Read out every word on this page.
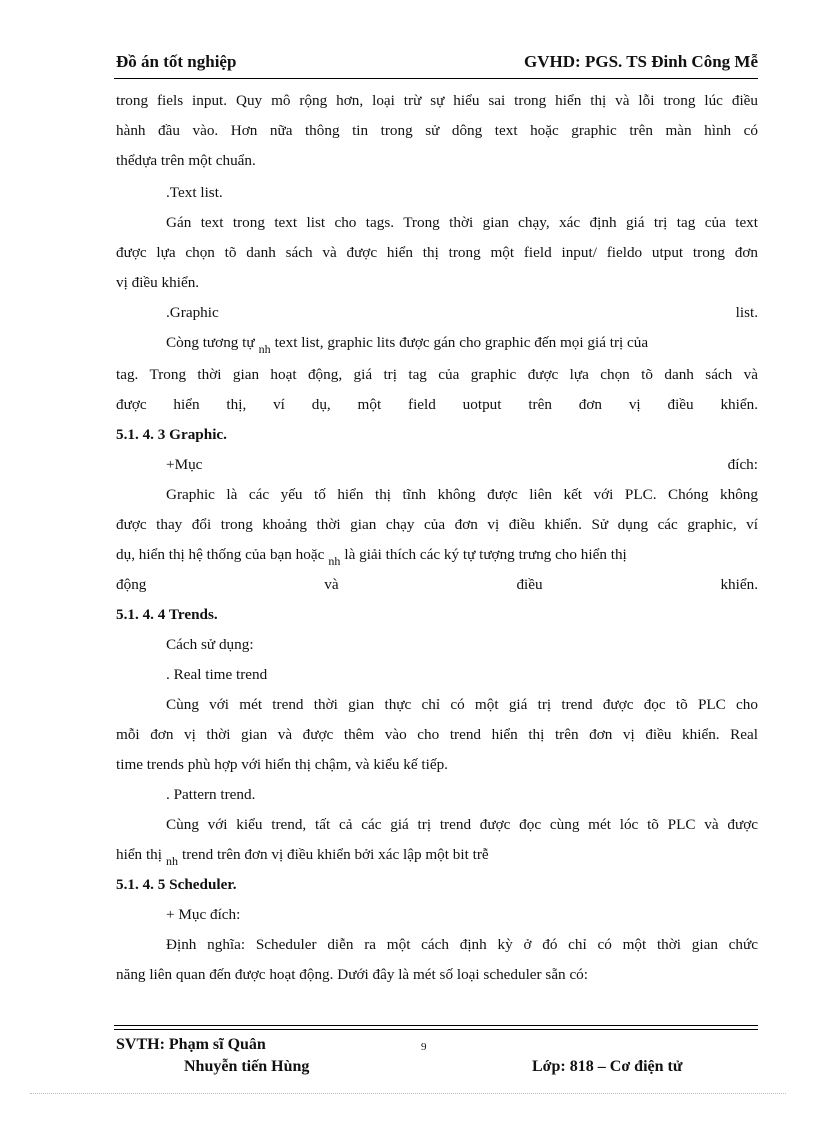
Đồ án tốt nghiệp	GVHD: PGS. TS Đinh Công Mễ
trong fiels input. Quy mô rộng hơn, loại trừ sự hiểu sai trong hiển thị và lỗi trong lúc điều
hành đầu vào. Hơn nữa thông tin trong sử dông text hoặc graphic trên màn hình có
thểdựa trên một chuẩn.
.Text list.
Gán text trong text list cho tags. Trong thời gian chạy, xác định giá trị tag của text
được lựa chọn tõ danh sách và được hiển thị trong một field input/ fieldo utput trong đơn
vị điều khiển.
.Graphic	list.
Còng tương tự $_{nh}$ text list, graphic lits được gán cho graphic đến mọi giá trị của
tag. Trong thời gian hoạt động, giá trị tag của graphic được lựa chọn tõ danh sách và
được hiển thị, ví dụ, một field uotput trên đơn vị điều khiển.
5.1. 4. 3 Graphic.
+Mục	đích:
Graphic là các yếu tố hiển thị tĩnh không được liên kết với PLC. Chóng không
được thay đổi trong khoảng thời gian chạy của đơn vị điều khiển. Sử dụng các graphic, ví
dụ, hiển thị hệ thống của bạn hoặc $_{nh}$ là giải thích các ký tự tượng trưng cho hiển thị
động và điều khiển.
5.1. 4. 4 Trends.
Cách sử dụng:
. Real time trend
Cùng với mét trend thời gian thực chỉ có một giá trị trend được đọc tõ PLC cho
mỗi đơn vị thời gian và được thêm vào cho trend hiển thị trên đơn vị điều khiển. Real
time trends phù hợp với hiển thị chậm, và kiểu kế tiếp.
. Pattern trend.
Cùng với kiểu trend, tất cả các giá trị trend được đọc cùng mét lóc tõ PLC và được
hiển thị $_{nh}$ trend trên đơn vị điều khiển bởi xác lập một bit trễ
5.1. 4. 5 Scheduler.
+ Mục đích:
Định nghĩa: Scheduler diễn ra một cách định kỳ ở đó chỉ có một thời gian chức
năng liên quan đến được hoạt động. Dưới đây là mét số loại scheduler sẵn có:
SVTH: Phạm sĩ Quân	9
Nhuyễn tiến Hùng	Lớp: 818 – Cơ điện tử
